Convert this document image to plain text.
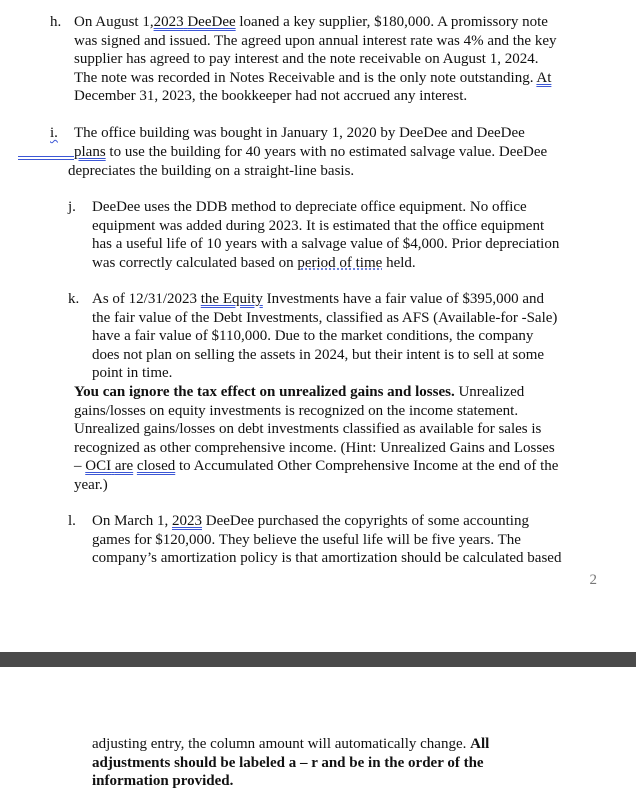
h. On August 1,2023 DeeDee loaned a key supplier, $180,000. A promissory note
was signed and issued. The agreed upon annual interest rate was 4% and the key
supplier has agreed to pay interest and the note receivable on August 1, 2024.
The note was recorded in Notes Receivable and is the only note outstanding. At
December 31, 2023, the bookkeeper had not accrued any interest.
i. The office building was bought in January 1, 2020 by DeeDee and DeeDee
plans to use the building for 40 years with no estimated salvage value. DeeDee
depreciates the building on a straight-line basis.
j. DeeDee uses the DDB method to depreciate office equipment. No office
equipment was added during 2023. It is estimated that the office equipment
has a useful life of 10 years with a salvage value of $4,000. Prior depreciation
was correctly calculated based on period of time held.
k. As of 12/31/2023 the Equity Investments have a fair value of $395,000 and
the fair value of the Debt Investments, classified as AFS (Available-for -Sale)
have a fair value of $110,000. Due to the market conditions, the company
does not plan on selling the assets in 2024, but their intent is to sell at some
point in time.
You can ignore the tax effect on unrealized gains and losses. Unrealized
gains/losses on equity investments is recognized on the income statement.
Unrealized gains/losses on debt investments classified as available for sales is
recognized as other comprehensive income. (Hint: Unrealized Gains and Losses
– OCI are closed to Accumulated Other Comprehensive Income at the end of the
year.)
l. On March 1, 2023 DeeDee purchased the copyrights of some accounting
games for $120,000. They believe the useful life will be five years. The
company’s amortization policy is that amortization should be calculated based
2
adjusting entry, the column amount will automatically change. All
adjustments should be labeled a – r and be in the order of the
information provided.
